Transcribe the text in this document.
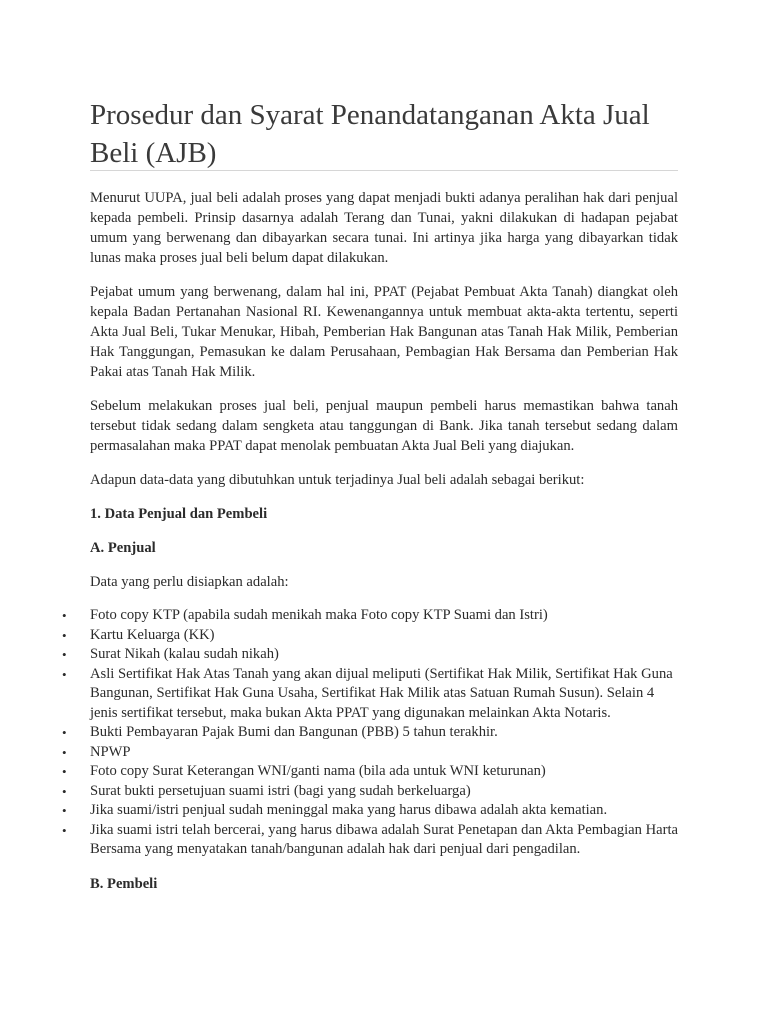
Prosedur dan Syarat Penandatanganan Akta Jual Beli (AJB)

Menurut UUPA, jual beli adalah proses yang dapat menjadi bukti adanya peralihan hak dari penjual kepada pembeli. Prinsip dasarnya adalah Terang dan Tunai, yakni dilakukan di hadapan pejabat umum yang berwenang dan dibayarkan secara tunai. Ini artinya jika harga yang dibayarkan tidak lunas maka proses jual beli belum dapat dilakukan.

Pejabat umum yang berwenang, dalam hal ini, PPAT (Pejabat Pembuat Akta Tanah) diangkat oleh kepala Badan Pertanahan Nasional RI. Kewenangannya untuk membuat akta-akta tertentu, seperti Akta Jual Beli, Tukar Menukar, Hibah, Pemberian Hak Bangunan atas Tanah Hak Milik, Pemberian Hak Tanggungan, Pemasukan ke dalam Perusahaan, Pembagian Hak Bersama dan Pemberian Hak Pakai atas Tanah Hak Milik.

Sebelum melakukan proses jual beli, penjual maupun pembeli harus memastikan bahwa tanah tersebut tidak sedang dalam sengketa atau tanggungan di Bank. Jika tanah tersebut sedang dalam permasalahan maka PPAT dapat menolak pembuatan Akta Jual Beli yang diajukan.

Adapun data-data yang dibutuhkan untuk terjadinya Jual beli adalah sebagai berikut:

1. Data Penjual dan Pembeli
A. Penjual

Data yang perlu disiapkan adalah:

•	Foto copy KTP (apabila sudah menikah maka Foto copy KTP Suami dan Istri)
•	Kartu Keluarga (KK)
•	Surat Nikah (kalau sudah nikah)
•	Asli Sertifikat Hak Atas Tanah yang akan dijual meliputi (Sertifikat Hak Milik, Sertifikat Hak Guna Bangunan, Sertifikat Hak Guna Usaha, Sertifikat Hak Milik atas Satuan Rumah Susun). Selain 4 jenis sertifikat tersebut, maka bukan Akta PPAT yang digunakan melainkan Akta Notaris.
•	Bukti Pembayaran Pajak Bumi dan Bangunan (PBB) 5 tahun terakhir.
•	NPWP
•	Foto copy Surat Keterangan WNI/ganti nama (bila ada untuk WNI keturunan)
•	Surat bukti persetujuan suami istri (bagi yang sudah berkeluarga)
•	Jika suami/istri penjual sudah meninggal maka yang harus dibawa adalah akta kematian.
•	Jika suami istri telah bercerai, yang harus dibawa adalah Surat Penetapan dan Akta Pembagian Harta Bersama yang menyatakan tanah/bangunan adalah hak dari penjual dari pengadilan.
B. Pembeli
